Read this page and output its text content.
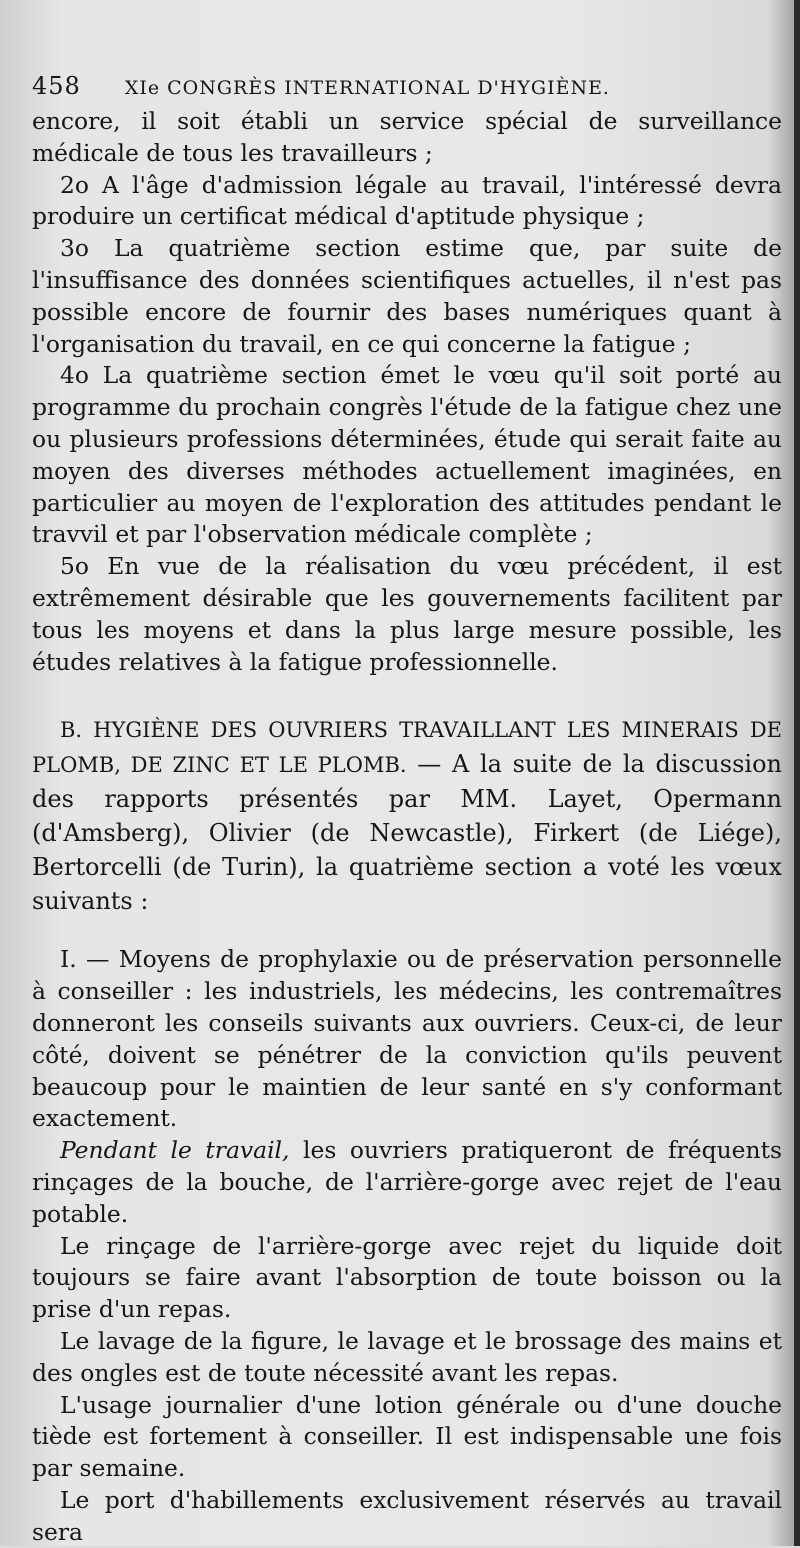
458 XIe CONGRÈS INTERNATIONAL D'HYGIÈNE.

encore, il soit établi un service spécial de surveillance médicale de tous les travailleurs ;

2o A l'âge d'admission légale au travail, l'intéressé devra produire un certificat médical d'aptitude physique ;

3o La quatrième section estime que, par suite de l'insuffisance des données scientifiques actuelles, il n'est pas possible encore de fournir des bases numériques quant à l'organisation du travail, en ce qui concerne la fatigue ;

4o La quatrième section émet le vœu qu'il soit porté au programme du prochain congrès l'étude de la fatigue chez une ou plusieurs professions déterminées, étude qui serait faite au moyen des diverses méthodes actuellement imaginées, en particulier au moyen de l'exploration des attitudes pendant le travvil et par l'observation médicale complète ;

5o En vue de la réalisation du vœu précédent, il est extrêmement désirable que les gouvernements facilitent par tous les moyens et dans la plus large mesure possible, les études relatives à la fatigue professionnelle.

B. HYGIÈNE DES OUVRIERS TRAVAILLANT LES MINERAIS DE PLOMB, DE ZINC ET LE PLOMB. — A la suite de la discussion des rapports présentés par MM. Layet, Opermann (d'Amsberg), Olivier (de Newcastle), Firkert (de Liége), Bertorcelli (de Turin), la quatrième section a voté les vœux suivants :

I. — Moyens de prophylaxie ou de préservation personnelle à conseiller : les industriels, les médecins, les contremaîtres donneront les conseils suivants aux ouvriers. Ceux-ci, de leur côté, doivent se pénétrer de la conviction qu'ils peuvent beaucoup pour le maintien de leur santé en s'y conformant exactement.

Pendant le travail, les ouvriers pratiqueront de fréquents rinçages de la bouche, de l'arrière-gorge avec rejet de l'eau potable.

Le rinçage de l'arrière-gorge avec rejet du liquide doit toujours se faire avant l'absorption de toute boisson ou la prise d'un repas.

Le lavage de la figure, le lavage et le brossage des mains et des ongles est de toute nécessité avant les repas.

L'usage journalier d'une lotion générale ou d'une douche tiède est fortement à conseiller. Il est indispensable une fois par semaine.

Le port d'habillements exclusivement réservés au travail sera
